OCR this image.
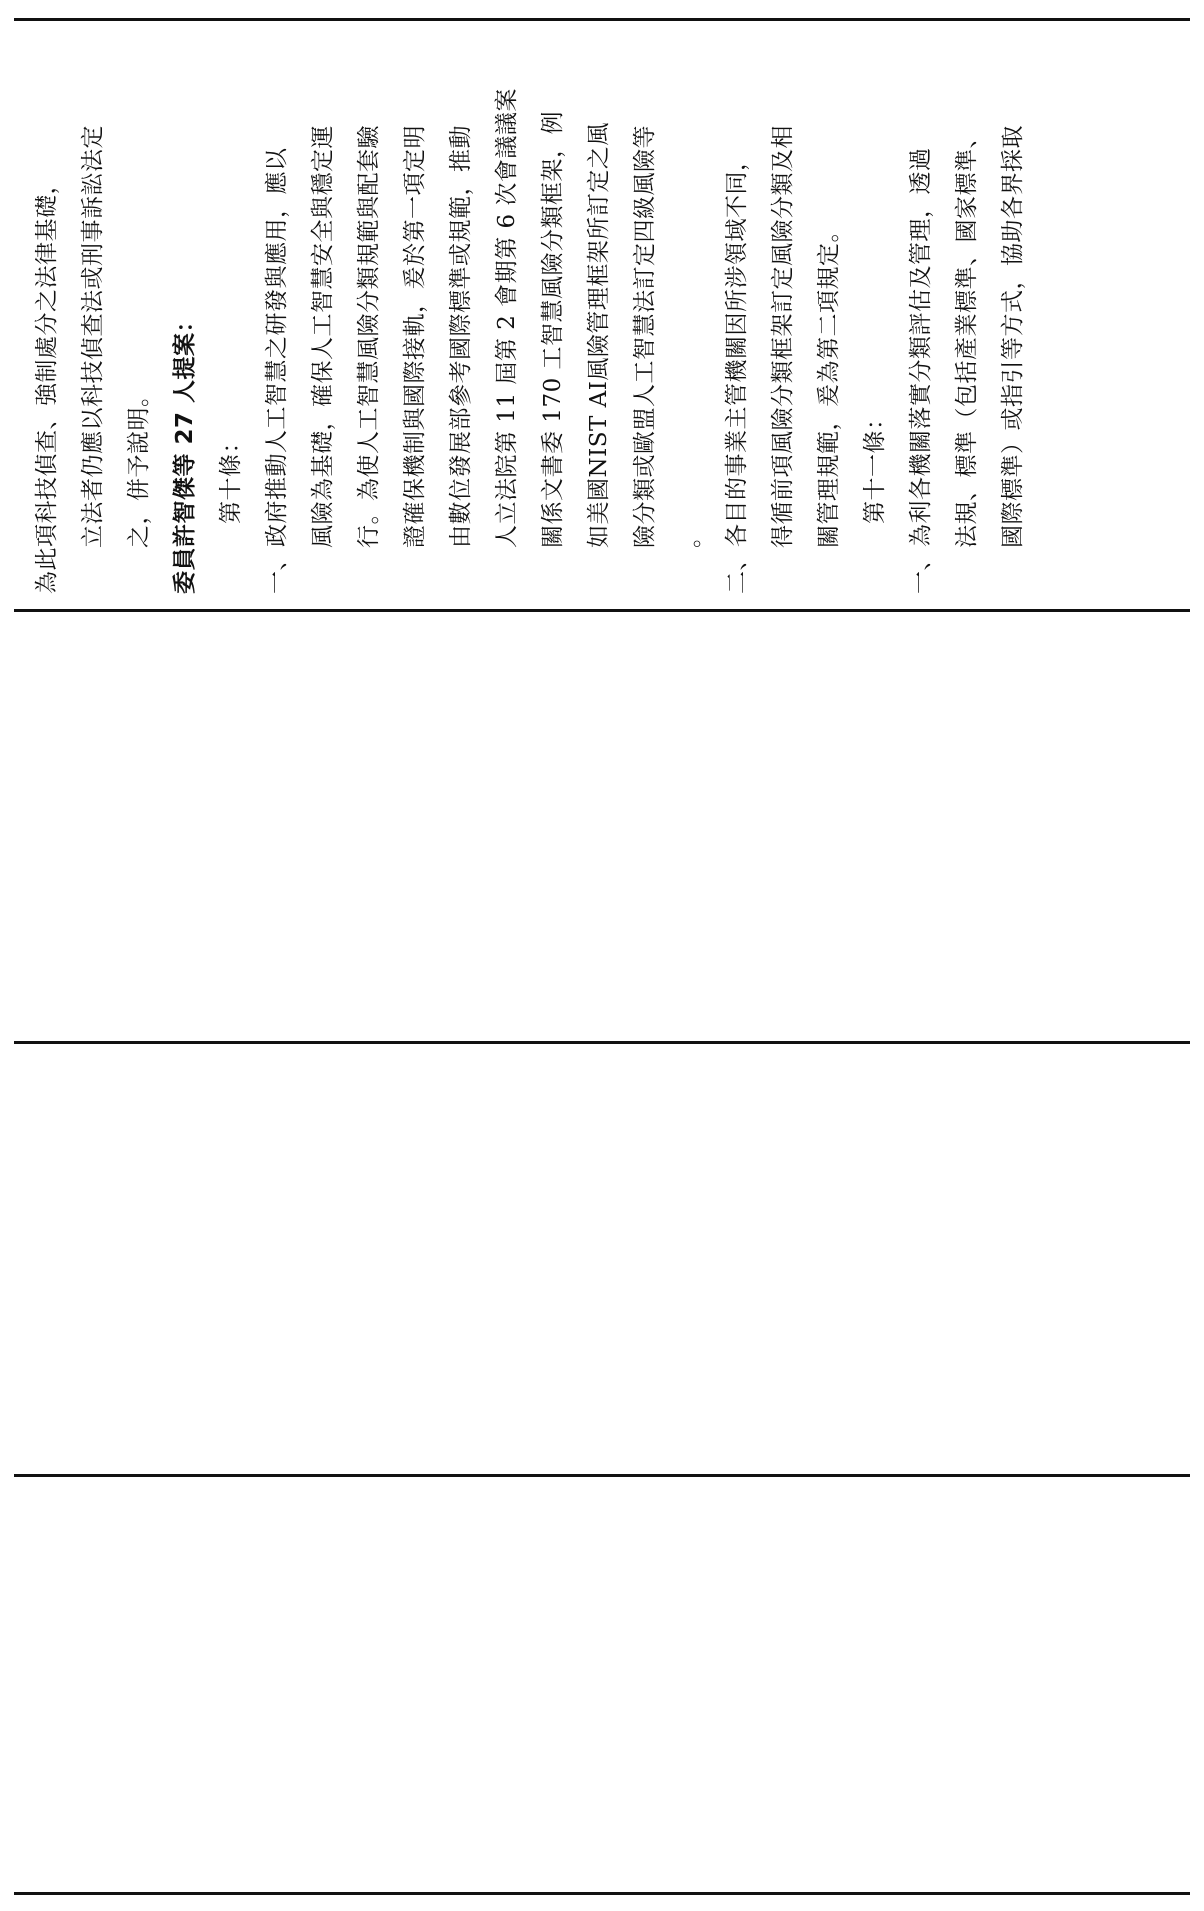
為此項科技偵查、強制處分之法律基礎， 立法者仍應以科技偵查法或刑事訴訟法定 之，併予說明。 委員許智傑等 27 人提案： 第十條： 一、政府推動人工智慧之研發與應用，應以 風險為基礎，確保人工智慧安全與穩定運 行。為使人工智慧風險分類規範與配套驗 證確保機制與國際接軌，爰於第一項定明 由數位發展部參考國際標準或規範，推動 人立法院第 11 屆第 2 會期第 6 次會議議案 關係文書委 170 工智慧風險分類框架，例 如美國NIST AI風險管理框架所訂定之風 險分類或歐盟人工智慧法訂定四級風險等 。 二、各目的事業主管機關因所涉領域不同， 得循前項風險分類框架訂定風險分類及相 關管理規範，爰為第二項規定。 第十一條： 一、為利各機關落實分類評估及管理，透過 法規、標準（包括產業標準、國家標準、 國際標準）或指引等方式，協助各界採取
